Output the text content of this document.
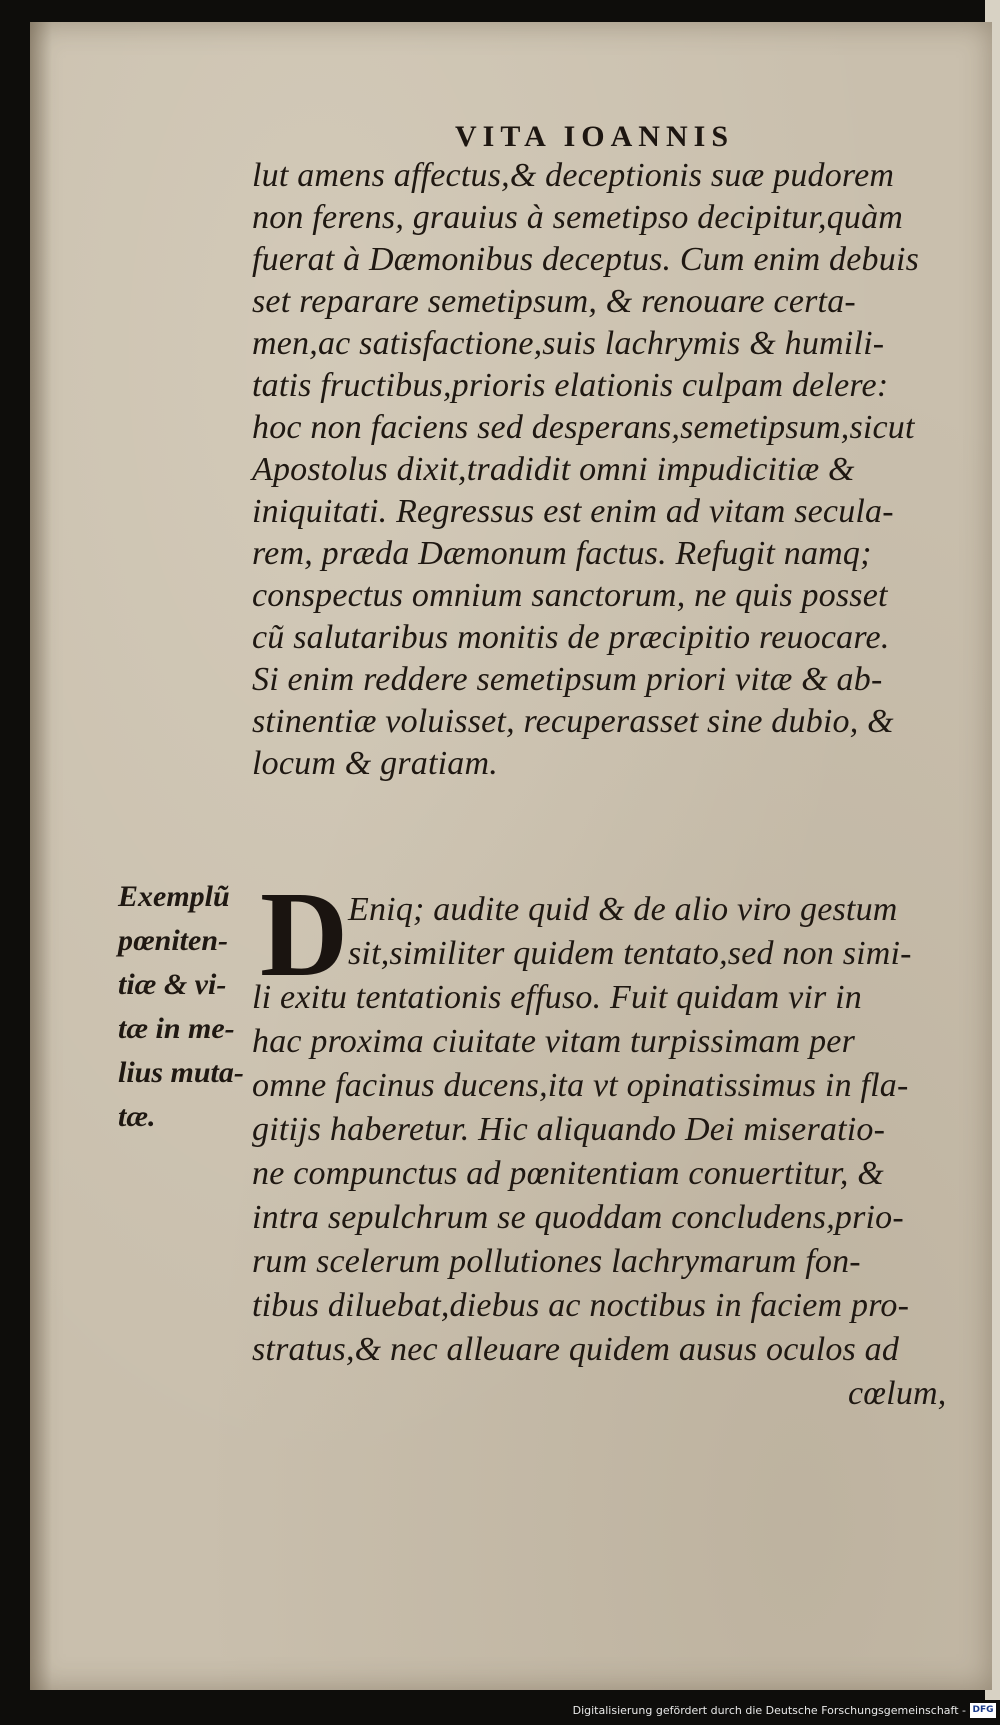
VITA IOANNIS
lut amens affectus,& deceptionis suæ pudorem
non ferens, grauius à semetipso decipitur,quàm
fuerat à Dæmonibus deceptus. Cum enim debuis
set reparare semetipsum, & renouare certa-
men,ac satisfactione,suis lachrymis & humili-
tatis fructibus,prioris elationis culpam delere:
hoc non faciens sed desperans,semetipsum,sicut
Apostolus dixit,tradidit omni impudicitiæ &
iniquitati. Regressus est enim ad vitam secula-
rem, præda Dæmonum factus. Refugit namq;
conspectus omnium sanctorum, ne quis posset
cũ salutaribus monitis de præcipitio reuocare.
Si enim reddere semetipsum priori vitæ & ab-
stinentiæ voluisset, recuperasset sine dubio, &
locum & gratiam.
Exemplũ
pœniten-
tiæ & vi-
tæ in me-
lius muta-
tæ.
D Eniq; audite quid & de alio viro gestum
sit,similiter quidem tentato,sed non simi-
li exitu tentationis effuso. Fuit quidam vir in
hac proxima ciuitate vitam turpissimam per
omne facinus ducens,ita vt opinatissimus in fla-
gitijs haberetur. Hic aliquando Dei miseratio-
ne compunctus ad pœnitentiam conuertitur, &
intra sepulchrum se quoddam concludens,prio-
rum scelerum pollutiones lachrymarum fon-
tibus diluebat,diebus ac noctibus in faciem pro-
stratus,& nec alleuare quidem ausus oculos ad
cœlum,
Digitalisierung gefördert durch die Deutsche Forschungsgemeinschaft - DFG
